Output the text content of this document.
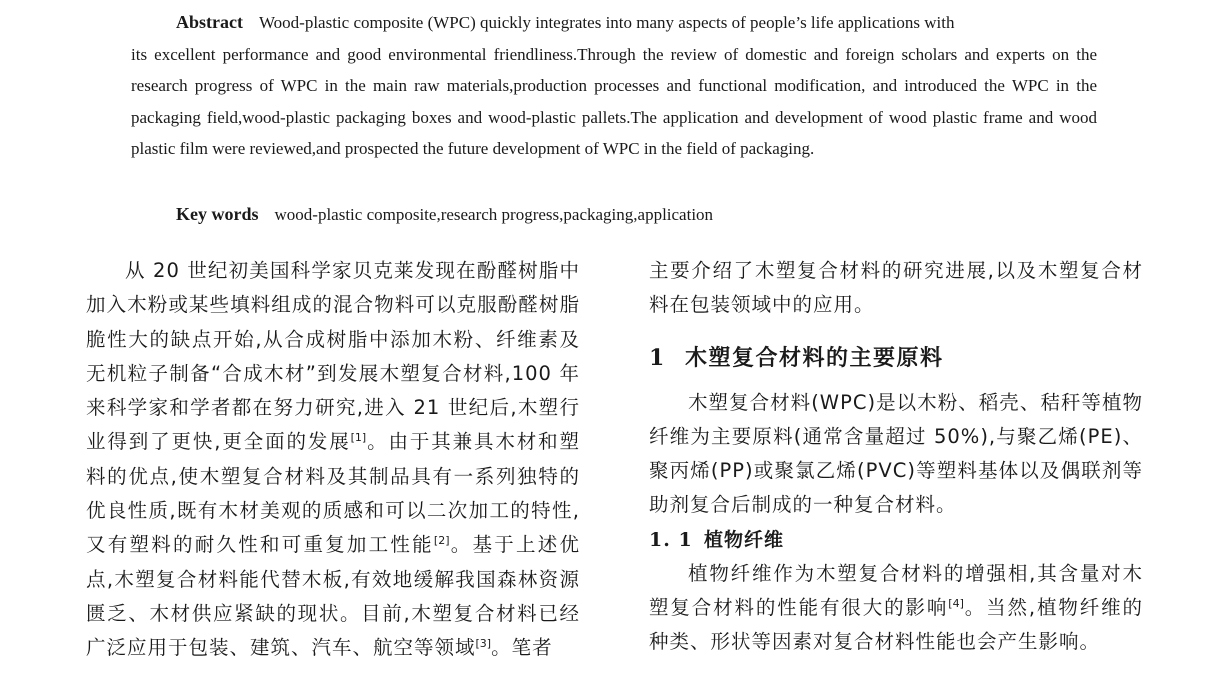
Abstract Wood-plastic composite (WPC) quickly integrates into many aspects of people’s life applications with
its excellent performance and good environmental friendliness.Through the review of domestic and foreign scholars and experts on the research progress of WPC in the main raw materials,production processes and functional modification, and introduced the WPC in the packaging field,wood-plastic packaging boxes and wood-plastic pallets.The application and development of wood plastic frame and wood plastic film were reviewed,and prospected the future development of WPC in the field of packaging.
Key words wood-plastic composite,research progress,packaging,application

从 20 世纪初美国科学家贝克莱发现在酚醛树脂中加入木粉或某些填料组成的混合物料可以克服酚醛树脂脆性大的缺点开始,从合成树脂中添加木粉、纤维素及无机粒子制备“合成木材”到发展木塑复合材料,100 年来科学家和学者都在努力研究,进入 21 世纪后,木塑行业得到了更快,更全面的发展[1]。由于其兼具木材和塑料的优点,使木塑复合材料及其制品具有一系列独特的优良性质,既有木材美观的质感和可以二次加工的特性,又有塑料的耐久性和可重复加工性能[2]。基于上述优点,木塑复合材料能代替木板,有效地缓解我国森林资源匮乏、木材供应紧缺的现状。目前,木塑复合材料已经广泛应用于包装、建筑、汽车、航空等领域[3]。笔者

主要介绍了木塑复合材料的研究进展,以及木塑复合材料在包装领域中的应用。

1 木塑复合材料的主要原料

木塑复合材料(WPC)是以木粉、稻壳、秸秆等植物纤维为主要原料(通常含量超过 50%),与聚乙烯(PE)、聚丙烯(PP)或聚氯乙烯(PVC)等塑料基体以及偶联剂等助剂复合后制成的一种复合材料。

1. 1 植物纤维

植物纤维作为木塑复合材料的增强相,其含量对木塑复合材料的性能有很大的影响[4]。当然,植物纤维的种类、形状等因素对复合材料性能也会产生影响。
